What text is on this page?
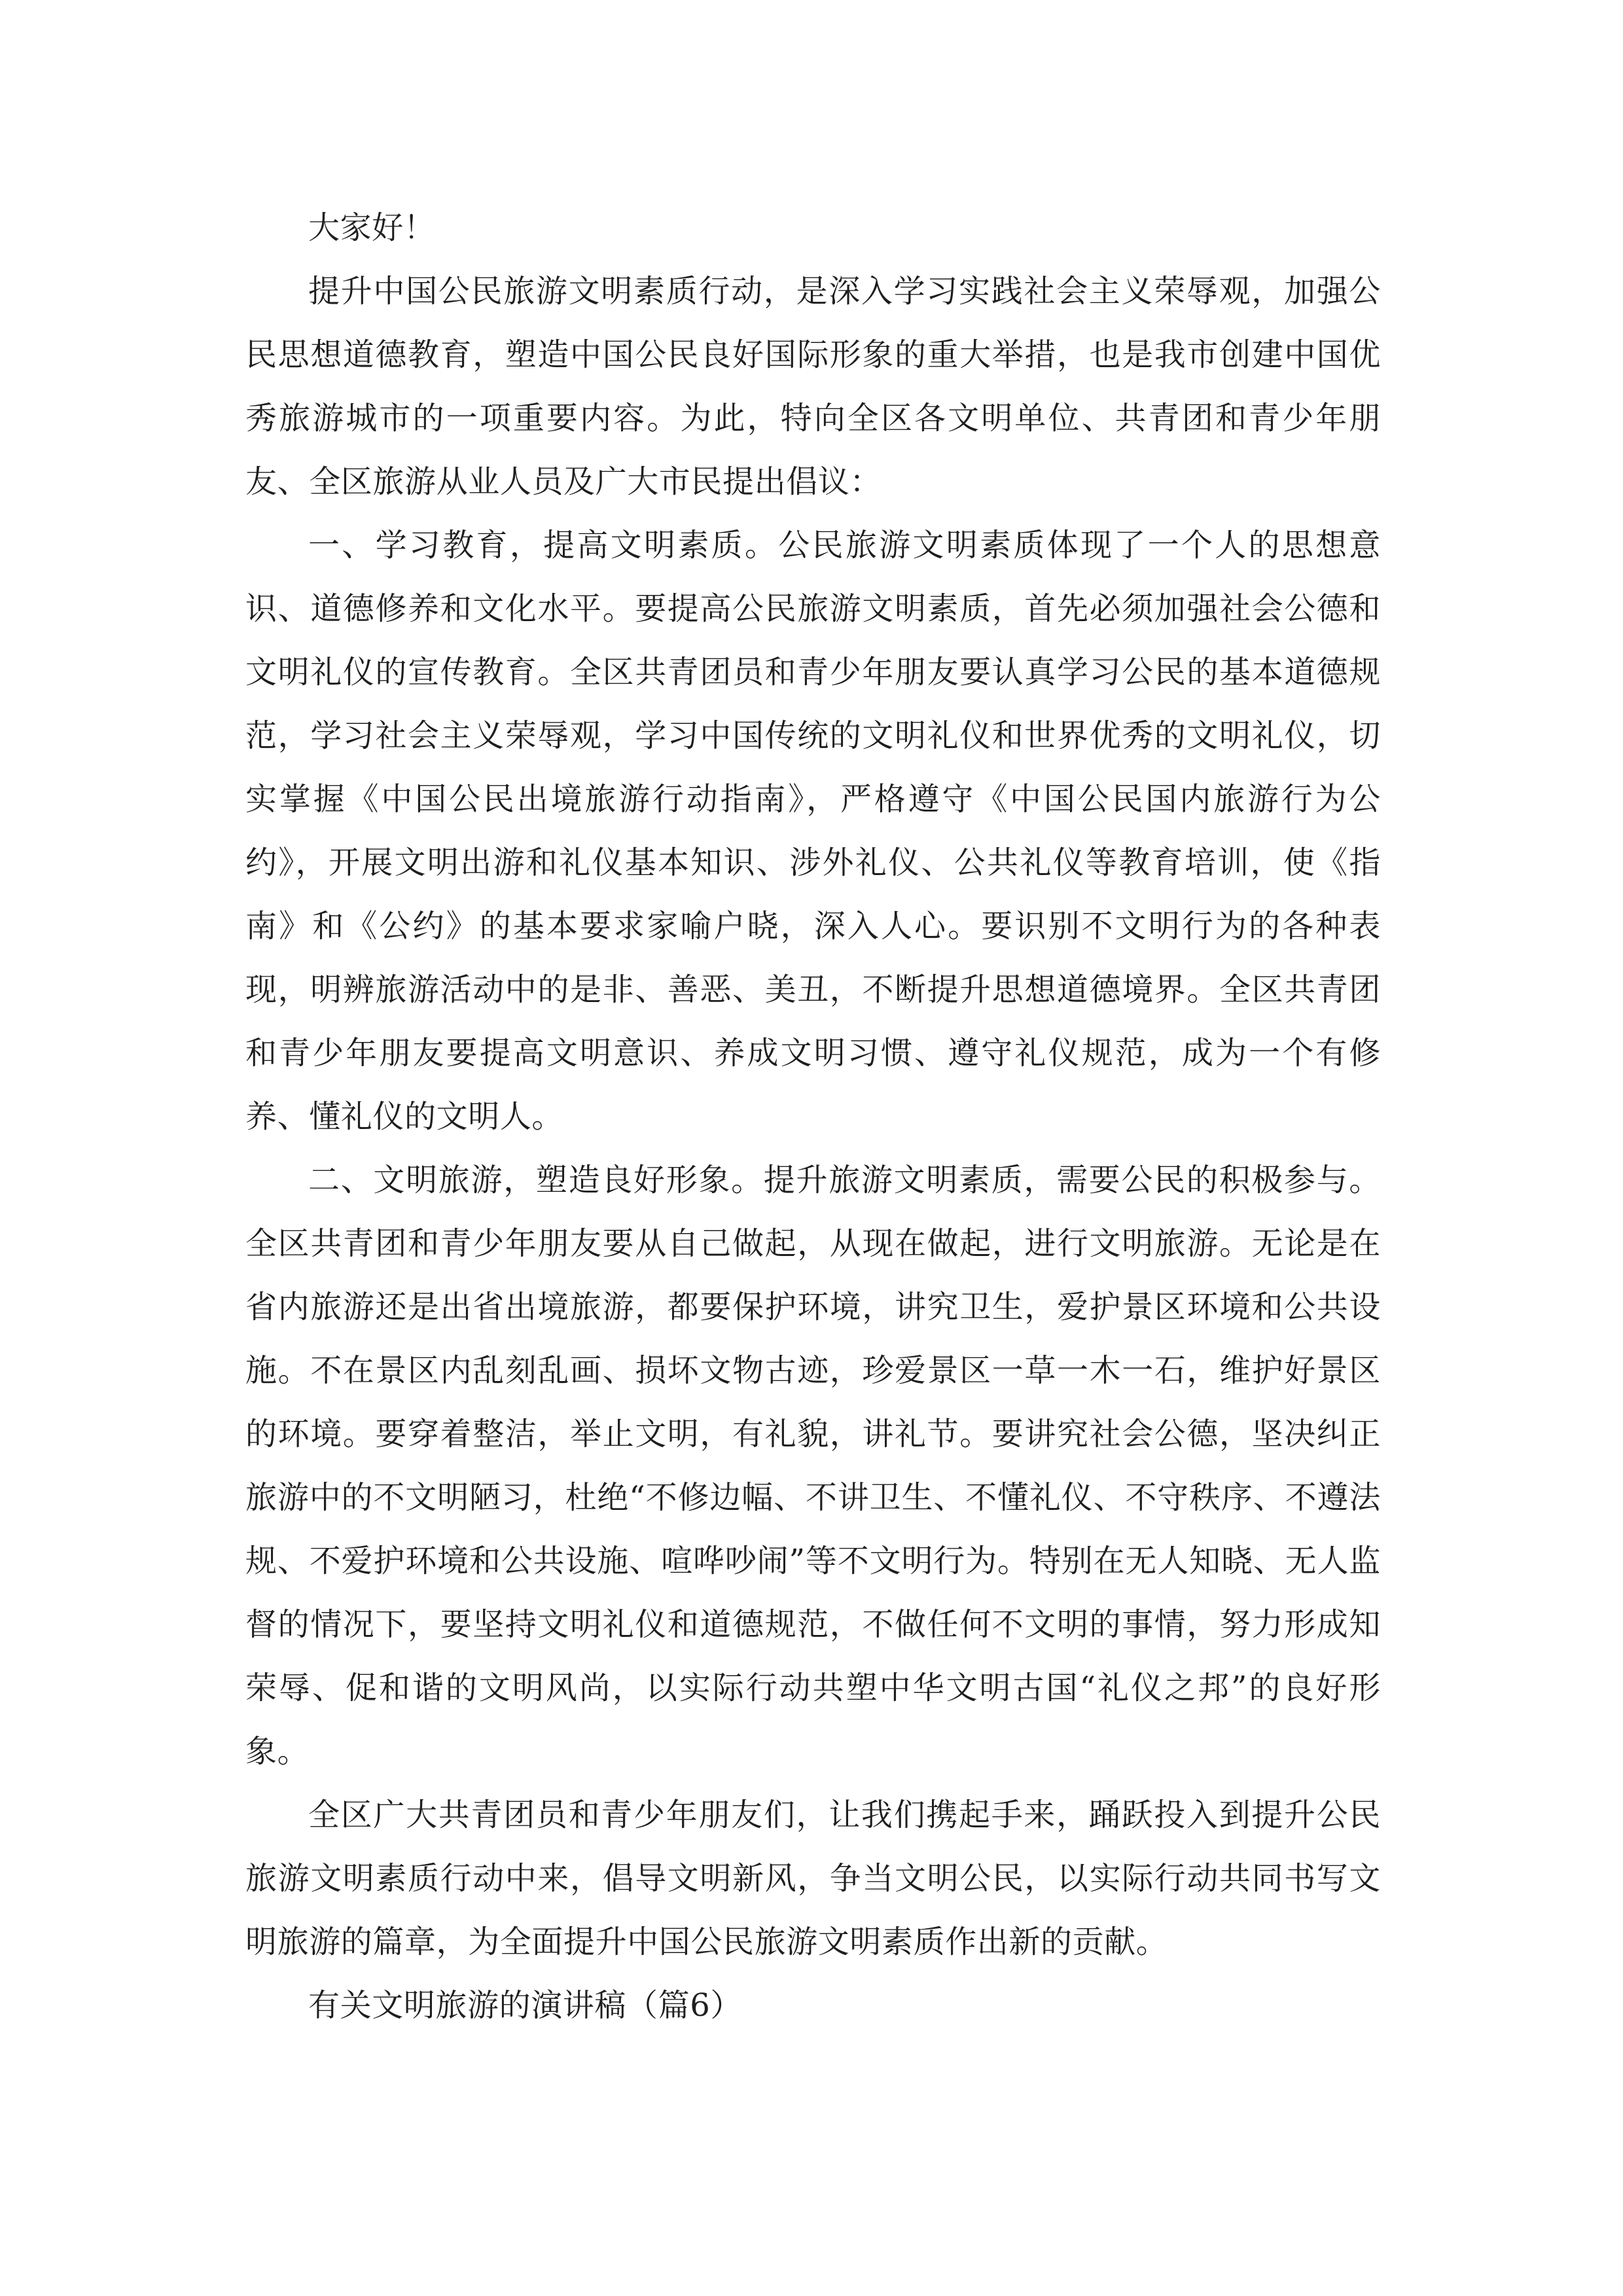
大家好！

提升中国公民旅游文明素质行动，是深入学习实践社会主义荣辱观，加强公民思想道德教育，塑造中国公民良好国际形象的重大举措，也是我市创建中国优秀旅游城市的一项重要内容。为此，特向全区各文明单位、共青团和青少年朋友、全区旅游从业人员及广大市民提出倡议：

一、学习教育，提高文明素质。公民旅游文明素质体现了一个人的思想意识、道德修养和文化水平。要提高公民旅游文明素质，首先必须加强社会公德和文明礼仪的宣传教育。全区共青团员和青少年朋友要认真学习公民的基本道德规范，学习社会主义荣辱观，学习中国传统的文明礼仪和世界优秀的文明礼仪，切实掌握《中国公民出境旅游行动指南》，严格遵守《中国公民国内旅游行为公约》，开展文明出游和礼仪基本知识、涉外礼仪、公共礼仪等教育培训，使《指南》和《公约》的基本要求家喻户晓，深入人心。要识别不文明行为的各种表现，明辨旅游活动中的是非、善恶、美丑，不断提升思想道德境界。全区共青团和青少年朋友要提高文明意识、养成文明习惯、遵守礼仪规范，成为一个有修养、懂礼仪的文明人。

二、文明旅游，塑造良好形象。提升旅游文明素质，需要公民的积极参与。全区共青团和青少年朋友要从自己做起，从现在做起，进行文明旅游。无论是在省内旅游还是出省出境旅游，都要保护环境，讲究卫生，爱护景区环境和公共设施。不在景区内乱刻乱画、损坏文物古迹，珍爱景区一草一木一石，维护好景区的环境。要穿着整洁，举止文明，有礼貌，讲礼节。要讲究社会公德，坚决纠正旅游中的不文明陋习，杜绝“不修边幅、不讲卫生、不懂礼仪、不守秩序、不遵法规、不爱护环境和公共设施、喧哗吵闹”等不文明行为。特别在无人知晓、无人监督的情况下，要坚持文明礼仪和道德规范，不做任何不文明的事情，努力形成知荣辱、促和谐的文明风尚，以实际行动共塑中华文明古国“礼仪之邦”的良好形象。

全区广大共青团员和青少年朋友们，让我们携起手来，踊跃投入到提升公民旅游文明素质行动中来，倡导文明新风，争当文明公民，以实际行动共同书写文明旅游的篇章，为全面提升中国公民旅游文明素质作出新的贡献。

有关文明旅游的演讲稿（篇6）
